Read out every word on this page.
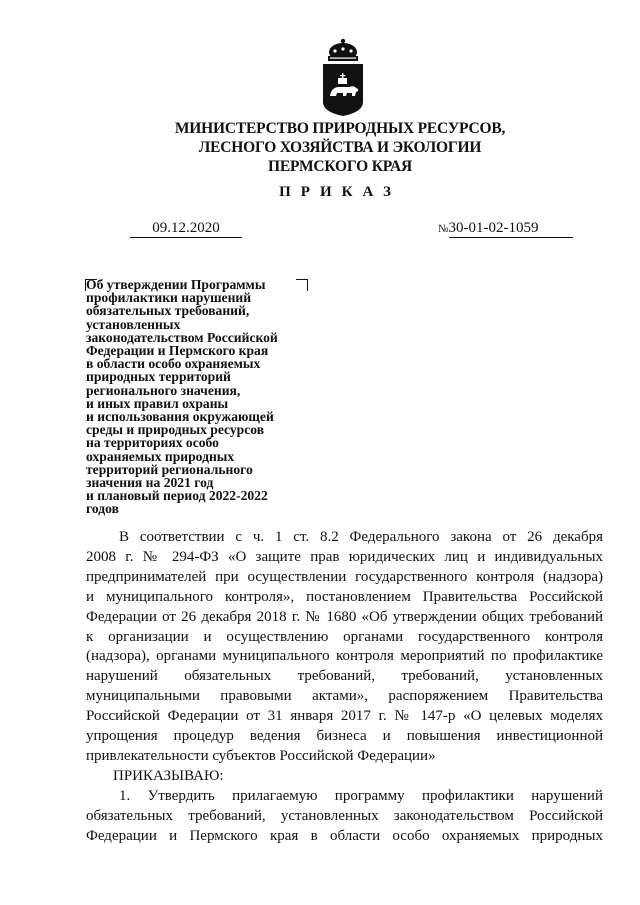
МИНИСТЕРСТВО ПРИРОДНЫХ РЕСУРСОВ,
ЛЕСНОГО ХОЗЯЙСТВА И ЭКОЛОГИИ
ПЕРМСКОГО КРАЯ
ПРИКАЗ
09.12.2020	№30-01-02-1059
Об утверждении Программы
профилактики нарушений
обязательных требований,
установленных
законодательством Российской
Федерации и Пермского края
в области особо охраняемых
природных территорий
регионального значения,
и иных правил охраны
и использования окружающей
среды и природных ресурсов
на территориях особо
охраняемых природных
территорий регионального
значения на 2021 год
и плановый период 2022-2022
годов
В соответствии с ч. 1 ст. 8.2 Федерального закона от 26 декабря
2008 г. № 294-ФЗ «О защите прав юридических лиц и индивидуальных
предпринимателей при осуществлении государственного контроля (надзора)
и муниципального контроля», постановлением Правительства Российской
Федерации от 26 декабря 2018 г. № 1680 «Об утверждении общих требований
к организации и осуществлению органами государственного контроля
(надзора), органами муниципального контроля мероприятий по профилактике
нарушений обязательных требований, требований, установленных
муниципальными правовыми актами», распоряжением Правительства
Российской Федерации от 31 января 2017 г. № 147-р «О целевых моделях
упрощения процедур ведения бизнеса и повышения инвестиционной
привлекательности субъектов Российской Федерации»
ПРИКАЗЫВАЮ:
1. Утвердить прилагаемую программу профилактики нарушений
обязательных требований, установленных законодательством Российской
Федерации и Пермского края в области особо охраняемых природных
